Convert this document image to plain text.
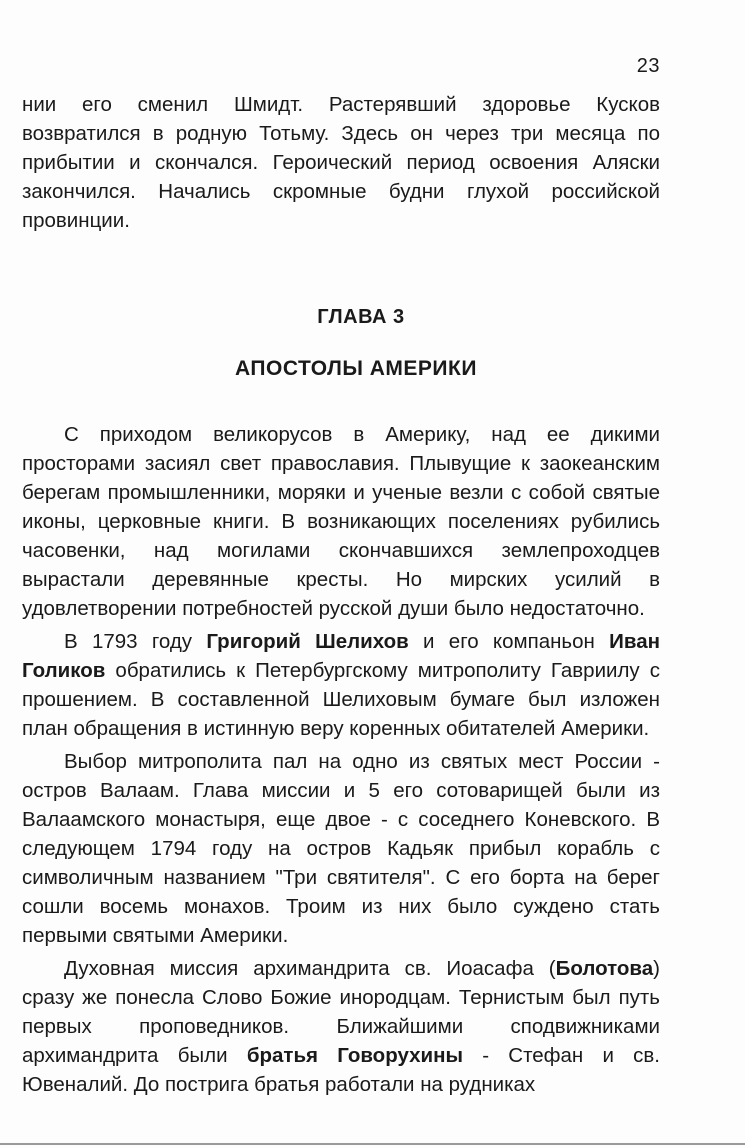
23

нии его сменил Шмидт. Растерявший здоровье Кусков возвратился в родную Тотьму. Здесь он через три месяца по прибытии и скончался. Героический период освоения Аляски закончился. Начались скромные будни глухой российской провинции.

ГЛАВА 3
АПОСТОЛЫ АМЕРИКИ

С приходом великорусов в Америку, над ее дикими просторами засиял свет православия. Плывущие к заокеанским берегам промышленники, моряки и ученые везли с собой святые иконы, церковные книги. В возникающих поселениях рубились часовенки, над могилами скончавшихся землепроходцев вырастали деревянные кресты. Но мирских усилий в удовлетворении потребностей русской души было недостаточно.

В 1793 году Григорий Шелихов и его компаньон Иван Голиков обратились к Петербургскому митрополиту Гавриилу с прошением. В составленной Шелиховым бумаге был изложен план обращения в истинную веру коренных обитателей Америки.

Выбор митрополита пал на одно из святых мест России - остров Валаам. Глава миссии и 5 его сотоварищей были из Валаамского монастыря, еще двое - с соседнего Коневского. В следующем 1794 году на остров Кадьяк прибыл корабль с символичным названием "Три святителя". С его борта на берег сошли восемь монахов. Троим из них было суждено стать первыми святыми Америки.

Духовная миссия архимандрита св. Иоасафа (Болотова) сразу же понесла Слово Божие инородцам. Тернистым был путь первых проповедников. Ближайшими сподвижниками архимандрита были братья Говорухины - Стефан и св. Ювеналий. До пострига братья работали на рудниках
